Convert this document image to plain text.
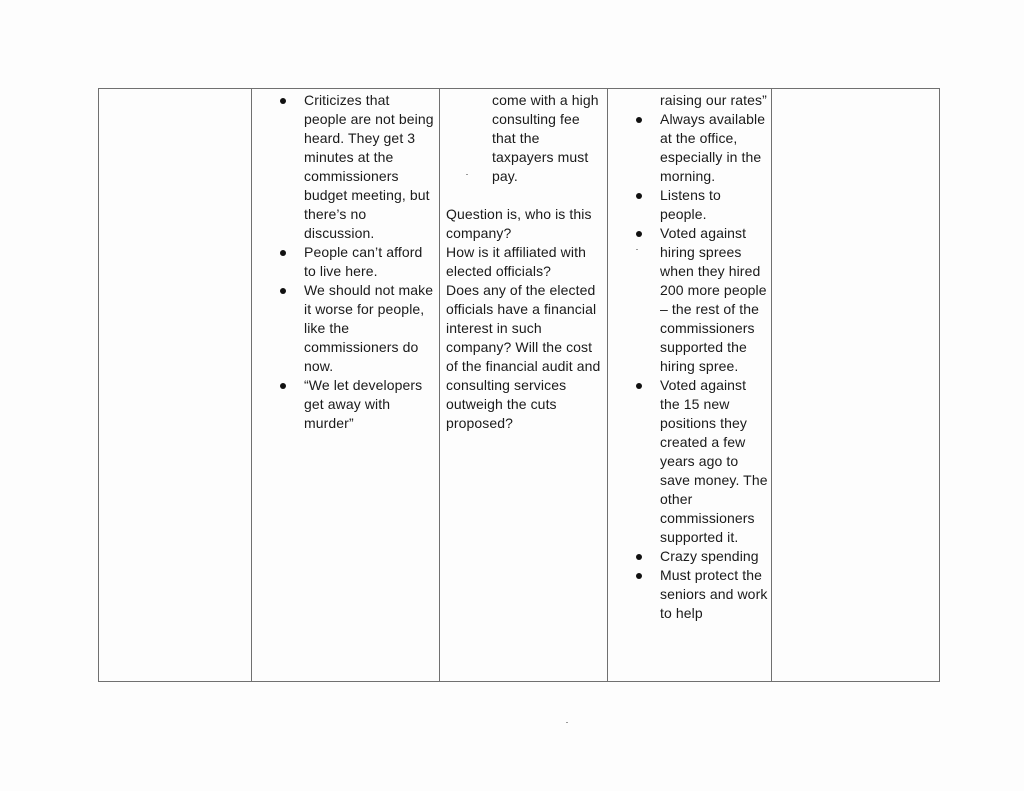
Criticizes that people are not being heard. They get 3 minutes at the commissioners budget meeting, but there’s no discussion.
People can’t afford to live here.
We should not make it worse for people, like the commissioners do now.
“We let developers get away with murder”

come with a high consulting fee that the taxpayers must pay.
Question is, who is this company?
How is it affiliated with elected officials?
Does any of the elected officials have a financial interest in such company? Will the cost of the financial audit and consulting services outweigh the cuts proposed?

raising our rates”
Always available at the office, especially in the morning.
Listens to people.
Voted against hiring sprees when they hired 200 more people – the rest of the commissioners supported the hiring spree.
Voted against the 15 new positions they created a few years ago to save money. The other commissioners supported it.
Crazy spending
Must protect the seniors and work to help
